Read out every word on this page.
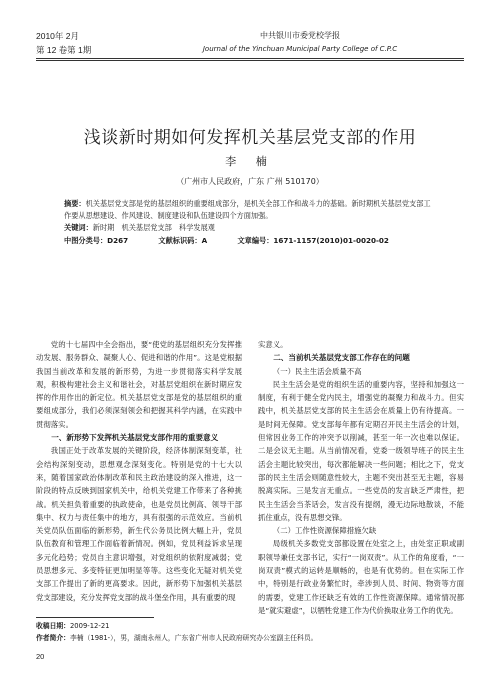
2010年 2月
第 12 卷第 1期
中共银川市委党校学报
Journal of the Yinchuan Municipal Party College of C.P.C
浅谈新时期如何发挥机关基层党支部的作用
李 楠
（广州市人民政府，广东 广州 510170）
摘要：机关基层党支部是党的基层组织的重要组成部分，是机关全部工作和战斗力的基础。新时期机关基层党支部工作要从思想建设、作风建设、制度建设和队伍建设四个方面加强。
关键词：新时期　机关基层党支部　科学发展观
中图分类号：D267	文献标识码：A	文章编号：1671-1157(2010)01-0020-02

党的十七届四中全会指出，要“使党的基层组织充分发挥推动发展、服务群众、凝聚人心、促进和谐的作用”。这是党根据我国当前改革和发展的新形势，为进一步贯彻落实科学发展观，积极构建社会主义和谐社会，对基层党组织在新时期应发挥的作用作出的新定位。机关基层党支部是党的基层组织的重要组成部分，我们必须深刻领会和把握其科学内涵，在实践中贯彻落实。

一、新形势下发挥机关基层党支部作用的重要意义

我国正处于改革发展的关键阶段，经济体制深刻变革，社会结构深刻变动，思想观念深刻变化。特别是党的十七大以来，随着国家政治体制改革和民主政治建设的深入推进，这一阶段的特点反映到国家机关中，给机关党建工作带来了各种挑战。机关担负着重要的执政使命，也是党员比例高、领导干部集中、权力与责任集中的地方，具有很强的示范效应。当前机关党员队伍面临的新形势，新生代公务员比例大幅上升，党员队伍教育和管理工作面临着新情况。例如，党员利益诉求呈现多元化趋势；党员自主意识增强，对党组织的依附度减弱；党员思想多元、多变特征更加明显等等。这些变化无疑对机关党支部工作提出了新的更高要求。因此，新形势下加强机关基层党支部建设，充分发挥党支部的战斗堡垒作用，具有重要的现

实意义。

二、当前机关基层党支部工作存在的问题

（一）民主生活会质量不高

民主生活会是党的组织生活的重要内容，坚持和加强这一制度，有利于健全党内民主，增强党的凝聚力和战斗力。但实践中，机关基层党支部的民主生活会在质量上仍有待提高。一是时间无保障。党支部每年都有定期召开民主生活会的计划，但常因业务工作的冲突予以削减，甚至一年一次也难以保证。二是会议无主题。从当前情况看，党委一级领导班子的民主生活会主题比较突出，每次都能解决一些问题；相比之下，党支部的民主生活会则随意性较大，主题不突出甚至无主题，容易脱离实际。三是发言无重点。一些党员的发言缺乏严肃性，把民主生活会当茶话会，发言没有提纲，漫无边际地散谈，不能抓住重点，没有思想交锋。

（二）工作性资源保障措施欠缺

局级机关多数党支部都设置在处室之上，由处室正职或副职领导兼任支部书记，实行“一岗双责”。从工作的角度看，“一岗双责”模式的运转是顺畅的，也是有优势的。但在实际工作中，特别是行政业务繁忙时，牵涉到人员、时间、物资等方面的需要，党建工作还缺乏有效的工作性资源保障。通常情况都是“就实避虚”，以牺牲党建工作为代价换取业务工作的优先。

收稿日期：2009-12-21
作者简介：李楠（1981-），男，湖南永州人，广东省广州市人民政府研究办公室副主任科员。
20
